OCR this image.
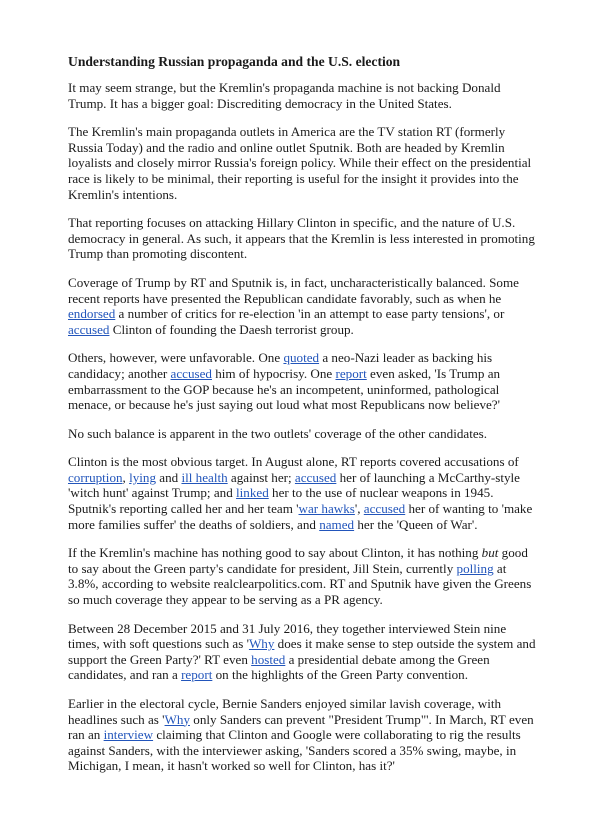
Understanding Russian propaganda and the U.S. election

It may seem strange, but the Kremlin's propaganda machine is not backing Donald Trump. It has a bigger goal: Discrediting democracy in the United States.

The Kremlin's main propaganda outlets in America are the TV station RT (formerly Russia Today) and the radio and online outlet Sputnik. Both are headed by Kremlin loyalists and closely mirror Russia's foreign policy. While their effect on the presidential race is likely to be minimal, their reporting is useful for the insight it provides into the Kremlin's intentions.

That reporting focuses on attacking Hillary Clinton in specific, and the nature of U.S. democracy in general. As such, it appears that the Kremlin is less interested in promoting Trump than promoting discontent.

Coverage of Trump by RT and Sputnik is, in fact, uncharacteristically balanced. Some recent reports have presented the Republican candidate favorably, such as when he endorsed a number of critics for re-election 'in an attempt to ease party tensions', or accused Clinton of founding the Daesh terrorist group.

Others, however, were unfavorable. One quoted a neo-Nazi leader as backing his candidacy; another accused him of hypocrisy. One report even asked, 'Is Trump an embarrassment to the GOP because he's an incompetent, uninformed, pathological menace, or because he's just saying out loud what most Republicans now believe?'

No such balance is apparent in the two outlets' coverage of the other candidates.

Clinton is the most obvious target. In August alone, RT reports covered accusations of corruption, lying and ill health against her; accused her of launching a McCarthy-style 'witch hunt' against Trump; and linked her to the use of nuclear weapons in 1945. Sputnik's reporting called her and her team 'war hawks', accused her of wanting to 'make more families suffer' the deaths of soldiers, and named her the 'Queen of War'.

If the Kremlin's machine has nothing good to say about Clinton, it has nothing but good to say about the Green party's candidate for president, Jill Stein, currently polling at 3.8%, according to website realclearpolitics.com. RT and Sputnik have given the Greens so much coverage they appear to be serving as a PR agency.

Between 28 December 2015 and 31 July 2016, they together interviewed Stein nine times, with soft questions such as 'Why does it make sense to step outside the system and support the Green Party?' RT even hosted a presidential debate among the Green candidates, and ran a report on the highlights of the Green Party convention.

Earlier in the electoral cycle, Bernie Sanders enjoyed similar lavish coverage, with headlines such as 'Why only Sanders can prevent "President Trump"'. In March, RT even ran an interview claiming that Clinton and Google were collaborating to rig the results against Sanders, with the interviewer asking, 'Sanders scored a 35% swing, maybe, in Michigan, I mean, it hasn't worked so well for Clinton, has it?'
